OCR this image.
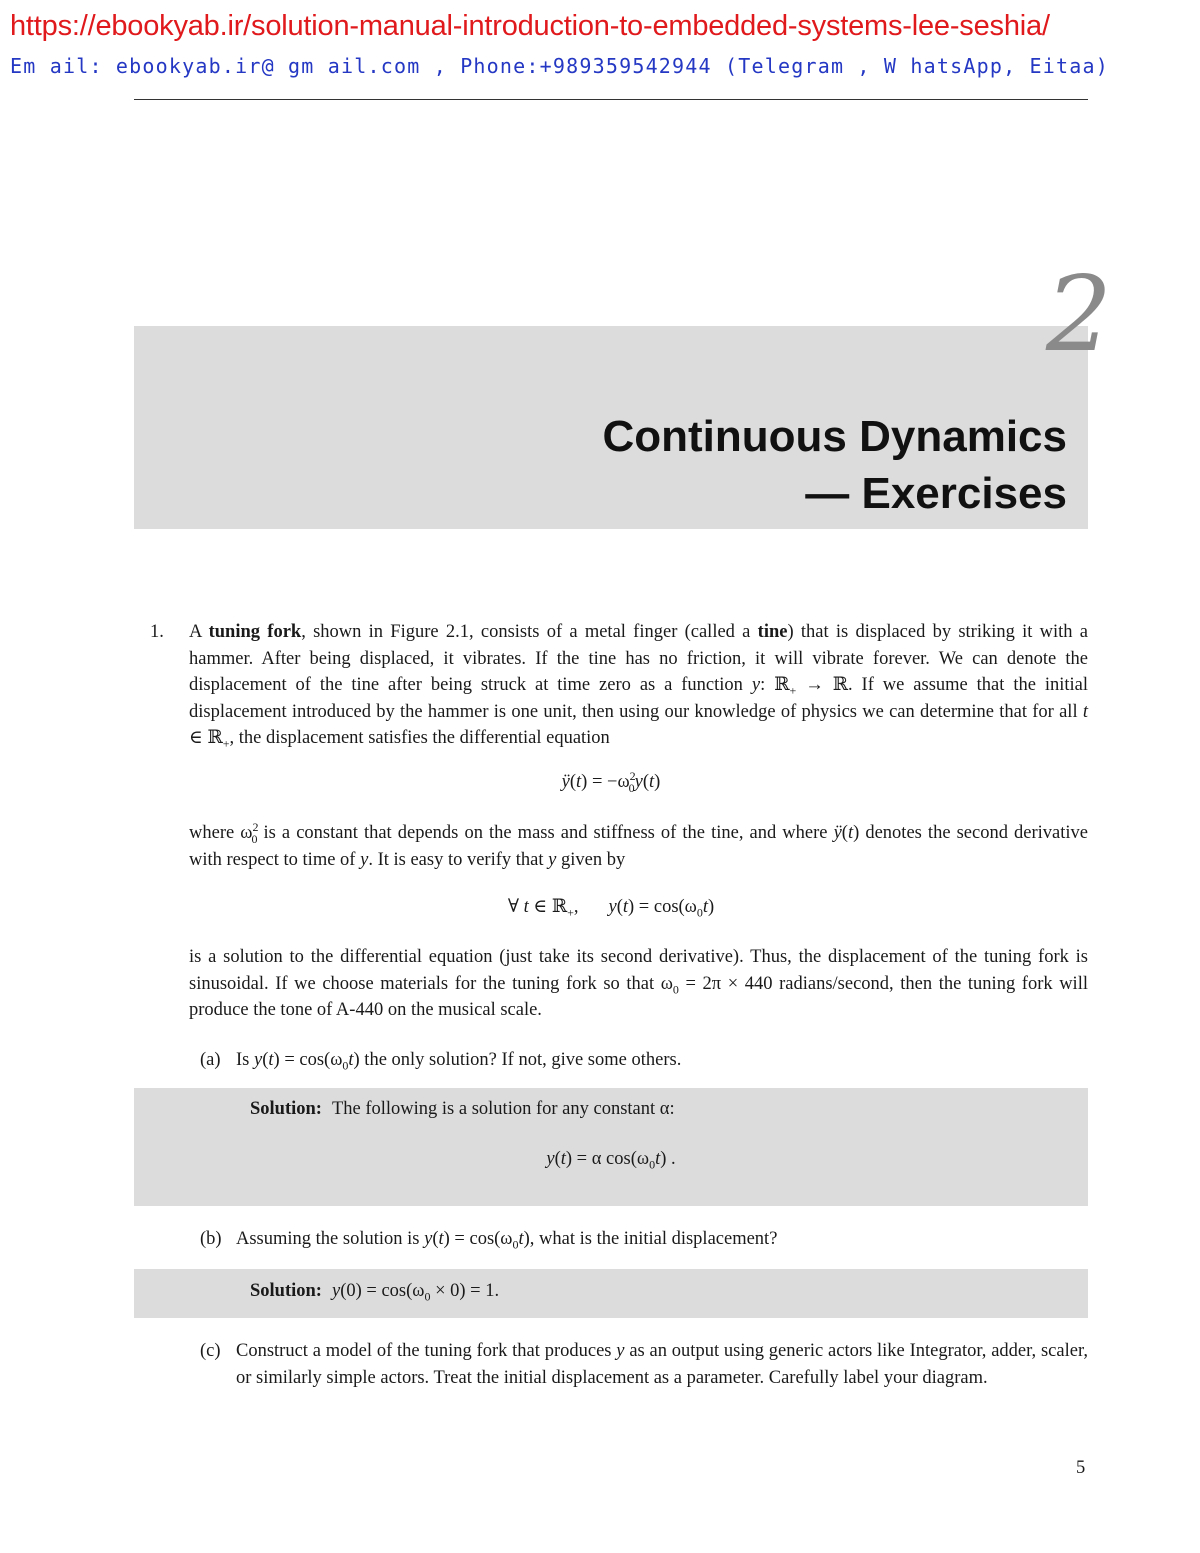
https://ebookyab.ir/solution-manual-introduction-to-embedded-systems-lee-seshia/
Em ail: ebookyab.ir@ gm ail.com , Phone:+989359542944 (Telegram , W hatsApp, Eitaa)
2
Continuous Dynamics
— Exercises
1. A tuning fork, shown in Figure 2.1, consists of a metal finger (called a tine) that is displaced by striking it with a hammer. After being displaced, it vibrates. If the tine has no friction, it will vibrate forever. We can denote the displacement of the tine after being struck at time zero as a function y: ℝ$_+$ → ℝ. If we assume that the initial displacement introduced by the hammer is one unit, then using our knowledge of physics we can determine that for all t ∈ ℝ$_+$, the displacement satisfies the differential equation
ÿ(t) = $-\omega^2_0y(t)$
where $\omega^2_0$ is a constant that depends on the mass and stiffness of the tine, and where ÿ(t) denotes the second derivative with respect to time of y. It is easy to verify that y given by
∀ t ∈ ℝ$_+$, $y(t) = \cos(\omega_0t)$
is a solution to the differential equation (just take its second derivative). Thus, the displacement of the tuning fork is sinusoidal. If we choose materials for the tuning fork so that $\omega_0 = 2\pi \times 440$ radians/second, then the tuning fork will produce the tone of A-440 on the musical scale.
(a) Is $y(t) = \cos(\omega_0t)$ the only solution? If not, give some others.
Solution: The following is a solution for any constant α:
y(t) = α $\cos(\omega_0t)$ .
(b) Assuming the solution is $y(t) = \cos(\omega_0t)$, what is the initial displacement?
Solution: $y(0) = \cos(\omega_0 \times 0) = 1$.
(c) Construct a model of the tuning fork that produces y as an output using generic actors like Integrator, adder, scaler, or similarly simple actors. Treat the initial displacement as a parameter. Carefully label your diagram.
5
